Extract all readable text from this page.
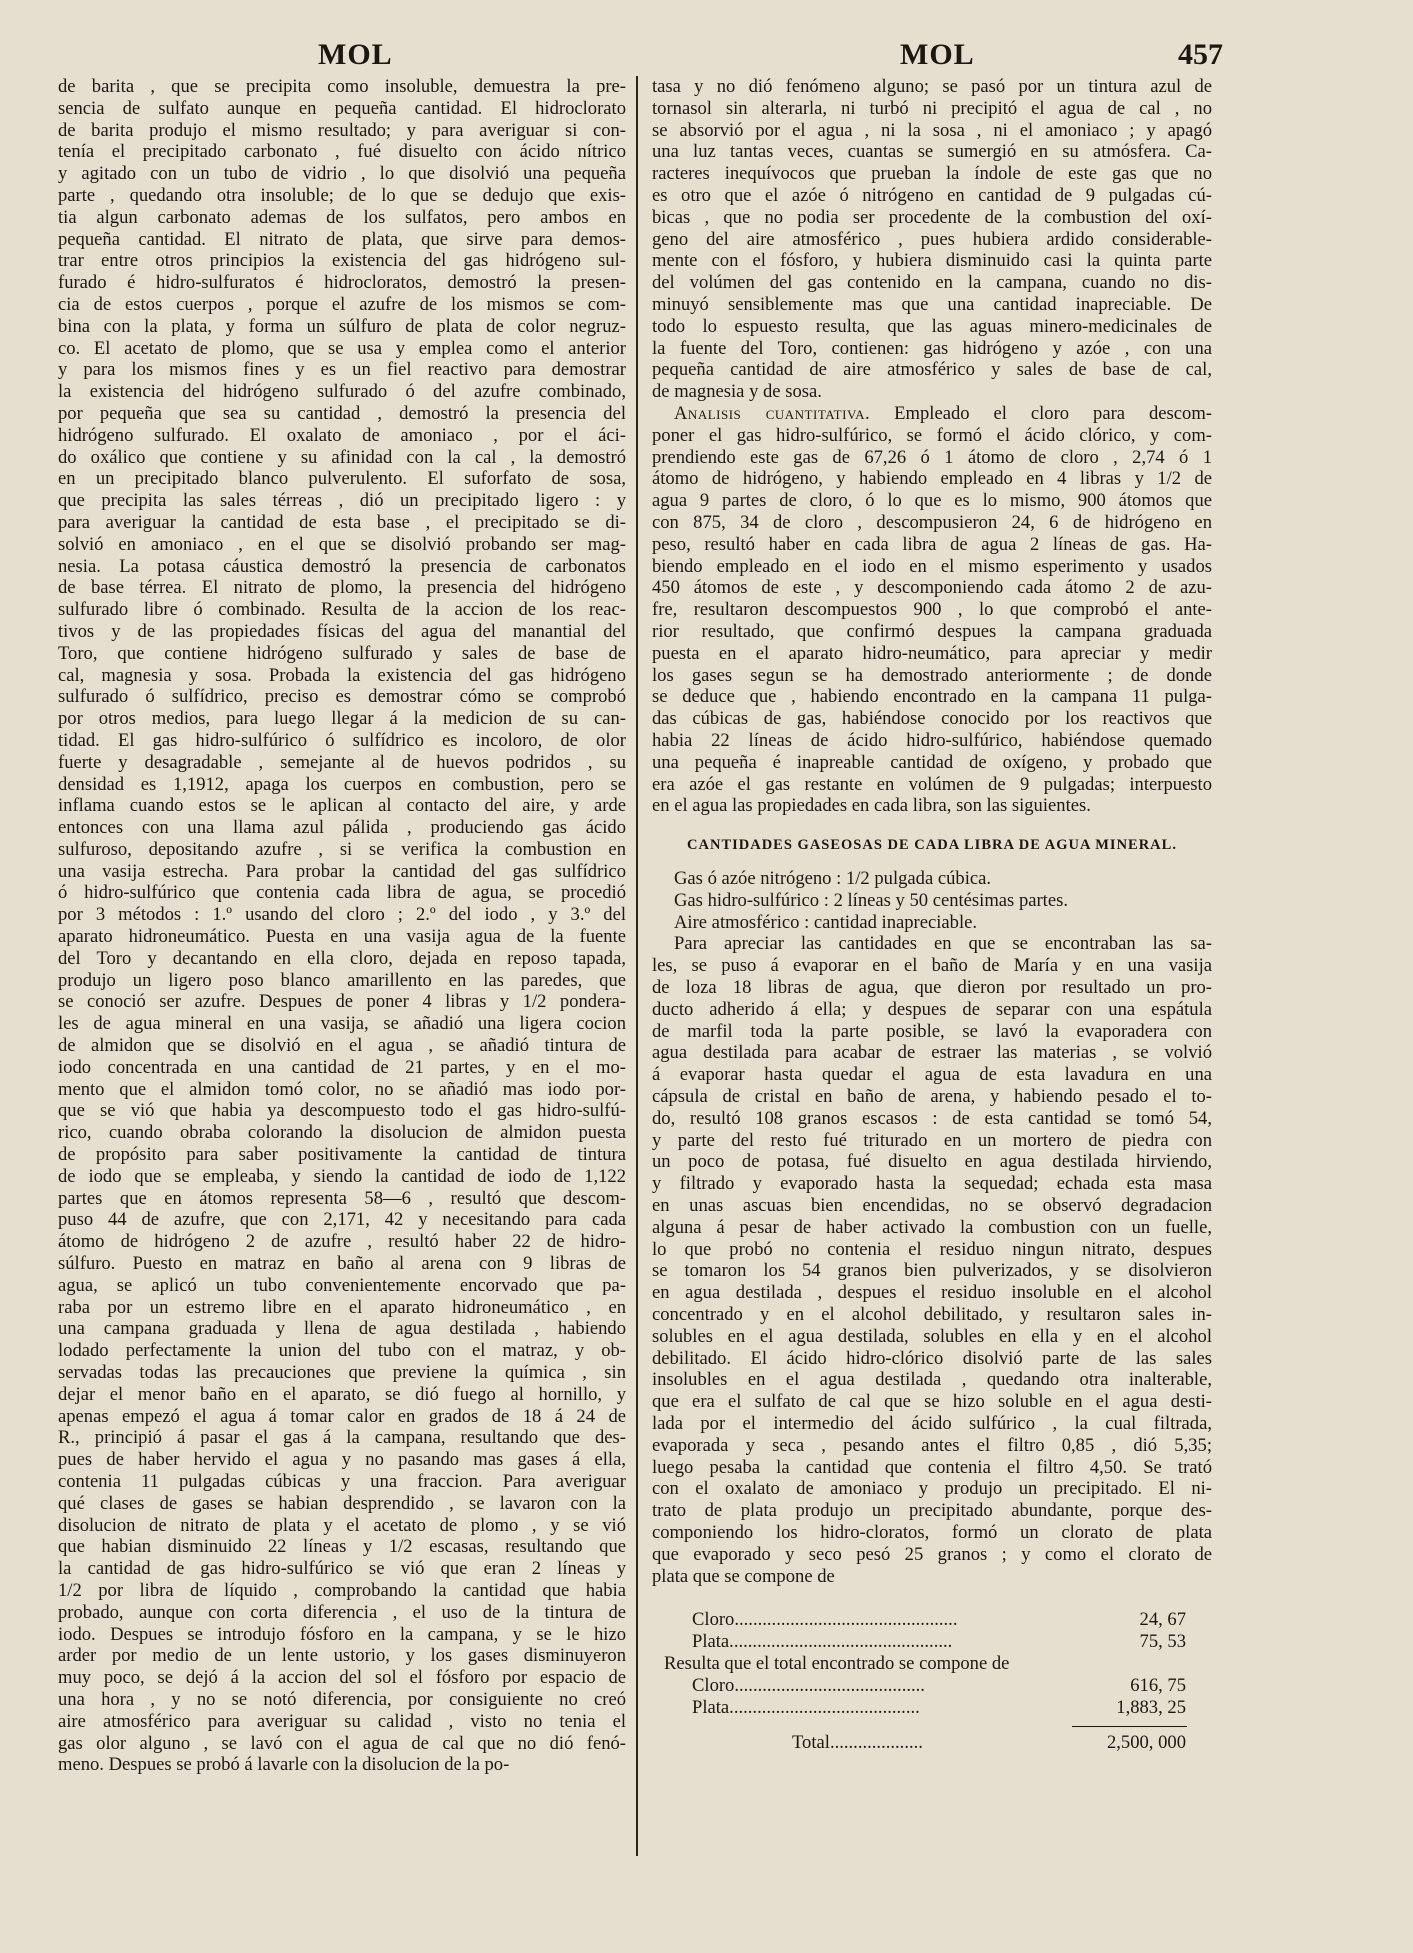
MOL	MOL	457
de barita , que se precipita como insoluble, demuestra la pre-
sencia de sulfato aunque en pequeña cantidad. El hidroclorato
de barita produjo el mismo resultado; y para averiguar si con-
tenía el precipitado carbonato , fué disuelto con ácido nítrico
y agitado con un tubo de vidrio , lo que disolvió una pequeña
parte , quedando otra insoluble; de lo que se dedujo que exis-
tia algun carbonato ademas de los sulfatos, pero ambos en
pequeña cantidad. El nitrato de plata, que sirve para demos-
trar entre otros principios la existencia del gas hidrógeno sul-
furado é hidro-sulfuratos é hidrocloratos, demostró la presen-
cia de estos cuerpos , porque el azufre de los mismos se com-
bina con la plata, y forma un súlfuro de plata de color negruz-
co. El acetato de plomo, que se usa y emplea como el anterior
y para los mismos fines y es un fiel reactivo para demostrar
la existencia del hidrógeno sulfurado ó del azufre combinado,
por pequeña que sea su cantidad , demostró la presencia del
hidrógeno sulfurado. El oxalato de amoniaco , por el áci-
do oxálico que contiene y su afinidad con la cal , la demostró
en un precipitado blanco pulverulento. El suforfato de sosa,
que precipita las sales térreas , dió un precipitado ligero : y
para averiguar la cantidad de esta base , el precipitado se di-
solvió en amoniaco , en el que se disolvió probando ser mag-
nesia. La potasa cáustica demostró la presencia de carbonatos
de base térrea. El nitrato de plomo, la presencia del hidrógeno
sulfurado libre ó combinado. Resulta de la accion de los reac-
tivos y de las propiedades físicas del agua del manantial del
Toro, que contiene hidrógeno sulfurado y sales de base de
cal, magnesia y sosa. Probada la existencia del gas hidrógeno
sulfurado ó sulfídrico, preciso es demostrar cómo se comprobó
por otros medios, para luego llegar á la medicion de su can-
tidad. El gas hidro-sulfúrico ó sulfídrico es incoloro, de olor
fuerte y desagradable , semejante al de huevos podridos , su
densidad es 1,1912, apaga los cuerpos en combustion, pero se
inflama cuando estos se le aplican al contacto del aire, y arde
entonces con una llama azul pálida , produciendo gas ácido
sulfuroso, depositando azufre , si se verifica la combustion en
una vasija estrecha. Para probar la cantidad del gas sulfídrico
ó hidro-sulfúrico que contenia cada libra de agua, se procedió
por 3 métodos : 1.º usando del cloro ; 2.º del iodo , y 3.º del
aparato hidroneumático. Puesta en una vasija agua de la fuente
del Toro y decantando en ella cloro, dejada en reposo tapada,
produjo un ligero poso blanco amarillento en las paredes, que
se conoció ser azufre. Despues de poner 4 libras y 1/2 pondera-
les de agua mineral en una vasija, se añadió una ligera cocion
de almidon que se disolvió en el agua , se añadió tintura de
iodo concentrada en una cantidad de 21 partes, y en el mo-
mento que el almidon tomó color, no se añadió mas iodo por-
que se vió que habia ya descompuesto todo el gas hidro-sulfú-
rico, cuando obraba colorando la disolucion de almidon puesta
de propósito para saber positivamente la cantidad de tintura
de iodo que se empleaba, y siendo la cantidad de iodo de 1,122
partes que en átomos representa 58—6 , resultó que descom-
puso 44 de azufre, que con 2,171, 42 y necesitando para cada
átomo de hidrógeno 2 de azufre , resultó haber 22 de hidro-
súlfuro. Puesto en matraz en baño al arena con 9 libras de
agua, se aplicó un tubo convenientemente encorvado que pa-
raba por un estremo libre en el aparato hidroneumático , en
una campana graduada y llena de agua destilada , habiendo
lodado perfectamente la union del tubo con el matraz, y ob-
servadas todas las precauciones que previene la química , sin
dejar el menor baño en el aparato, se dió fuego al hornillo, y
apenas empezó el agua á tomar calor en grados de 18 á 24 de
R., principió á pasar el gas á la campana, resultando que des-
pues de haber hervido el agua y no pasando mas gases á ella,
contenia 11 pulgadas cúbicas y una fraccion. Para averiguar
qué clases de gases se habian desprendido , se lavaron con la
disolucion de nitrato de plata y el acetato de plomo , y se vió
que habian disminuido 22 líneas y 1/2 escasas, resultando que
la cantidad de gas hidro-sulfúrico se vió que eran 2 líneas y
1/2 por libra de líquido , comprobando la cantidad que habia
probado, aunque con corta diferencia , el uso de la tintura de
iodo. Despues se introdujo fósforo en la campana, y se le hizo
arder por medio de un lente ustorio, y los gases disminuyeron
muy poco, se dejó á la accion del sol el fósforo por espacio de
una hora , y no se notó diferencia, por consiguiente no creó
aire atmosférico para averiguar su calidad , visto no tenia el
gas olor alguno , se lavó con el agua de cal que no dió fenó-
meno. Despues se probó á lavarle con la disolucion de la po-
tasa y no dió fenómeno alguno; se pasó por un tintura azul de
tornasol sin alterarla, ni turbó ni precipitó el agua de cal , no
se absorvió por el agua , ni la sosa , ni el amoniaco ; y apagó
una luz tantas veces, cuantas se sumergió en su atmósfera. Ca-
racteres inequívocos que prueban la índole de este gas que no
es otro que el azóe ó nitrógeno en cantidad de 9 pulgadas cú-
bicas , que no podia ser procedente de la combustion del oxí-
geno del aire atmosférico , pues hubiera ardido considerable-
mente con el fósforo, y hubiera disminuido casi la quinta parte
del volúmen del gas contenido en la campana, cuando no dis-
minuyó sensiblemente mas que una cantidad inapreciable. De
todo lo espuesto resulta, que las aguas minero-medicinales de
la fuente del Toro, contienen: gas hidrógeno y azóe , con una
pequeña cantidad de aire atmosférico y sales de base de cal,
de magnesia y de sosa.
Analisis cuantitativa. Empleado el cloro para descom-
poner el gas hidro-sulfúrico, se formó el ácido clórico, y com-
prendiendo este gas de 67,26 ó 1 átomo de cloro , 2,74 ó 1
átomo de hidrógeno, y habiendo empleado en 4 libras y 1/2 de
agua 9 partes de cloro, ó lo que es lo mismo, 900 átomos que
con 875, 34 de cloro , descompusieron 24, 6 de hidrógeno en
peso, resultó haber en cada libra de agua 2 líneas de gas. Ha-
biendo empleado en el iodo en el mismo esperimento y usados
450 átomos de este , y descomponiendo cada átomo 2 de azu-
fre, resultaron descompuestos 900 , lo que comprobó el ante-
rior resultado, que confirmó despues la campana graduada
puesta en el aparato hidro-neumático, para apreciar y medir
los gases segun se ha demostrado anteriormente ; de donde
se deduce que , habiendo encontrado en la campana 11 pulga-
das cúbicas de gas, habiéndose conocido por los reactivos que
habia 22 líneas de ácido hidro-sulfúrico, habiéndose quemado
una pequeña é inapreable cantidad de oxígeno, y probado que
era azóe el gas restante en volúmen de 9 pulgadas; interpuesto
en el agua las propiedades en cada libra, son las siguientes.
CANTIDADES GASEOSAS DE CADA LIBRA DE AGUA MINERAL.
Gas ó azóe nitrógeno : 1/2 pulgada cúbica.
Gas hidro-sulfúrico : 2 líneas y 50 centésimas partes.
Aire atmosférico : cantidad inapreciable.
Para apreciar las cantidades en que se encontraban las sa-
les, se puso á evaporar en el baño de María y en una vasija
de loza 18 libras de agua, que dieron por resultado un pro-
ducto adherido á ella; y despues de separar con una espátula
de marfil toda la parte posible, se lavó la evaporadera con
agua destilada para acabar de estraer las materias , se volvió
á evaporar hasta quedar el agua de esta lavadura en una
cápsula de cristal en baño de arena, y habiendo pesado el to-
do, resultó 108 granos escasos : de esta cantidad se tomó 54,
y parte del resto fué triturado en un mortero de piedra con
un poco de potasa, fué disuelto en agua destilada hirviendo,
y filtrado y evaporado hasta la sequedad; echada esta masa
en unas ascuas bien encendidas, no se observó degradacion
alguna á pesar de haber activado la combustion con un fuelle,
lo que probó no contenia el residuo ningun nitrato, despues
se tomaron los 54 granos bien pulverizados, y se disolvieron
en agua destilada , despues el residuo insoluble en el alcohol
concentrado y en el alcohol debilitado, y resultaron sales in-
solubles en el agua destilada, solubles en ella y en el alcohol
debilitado. El ácido hidro-clórico disolvió parte de las sales
insolubles en el agua destilada , quedando otra inalterable,
que era el sulfato de cal que se hizo soluble en el agua desti-
lada por el intermedio del ácido sulfúrico , la cual filtrada,
evaporada y seca , pesando antes el filtro 0,85 , dió 5,35;
luego pesaba la cantidad que contenia el filtro 4,50. Se trató
con el oxalato de amoniaco y produjo un precipitado. El ni-
trato de plata produjo un precipitado abundante, porque des-
componiendo los hidro-cloratos, formó un clorato de plata
que evaporado y seco pesó 25 granos ; y como el clorato de
plata que se compone de
Cloro................................................	24, 67
Plata................................................	75, 53
Resulta que el total encontrado se compone de
Cloro.........................................	616, 75
Plata.........................................	1,883, 25
Total....................	2,500, 000
